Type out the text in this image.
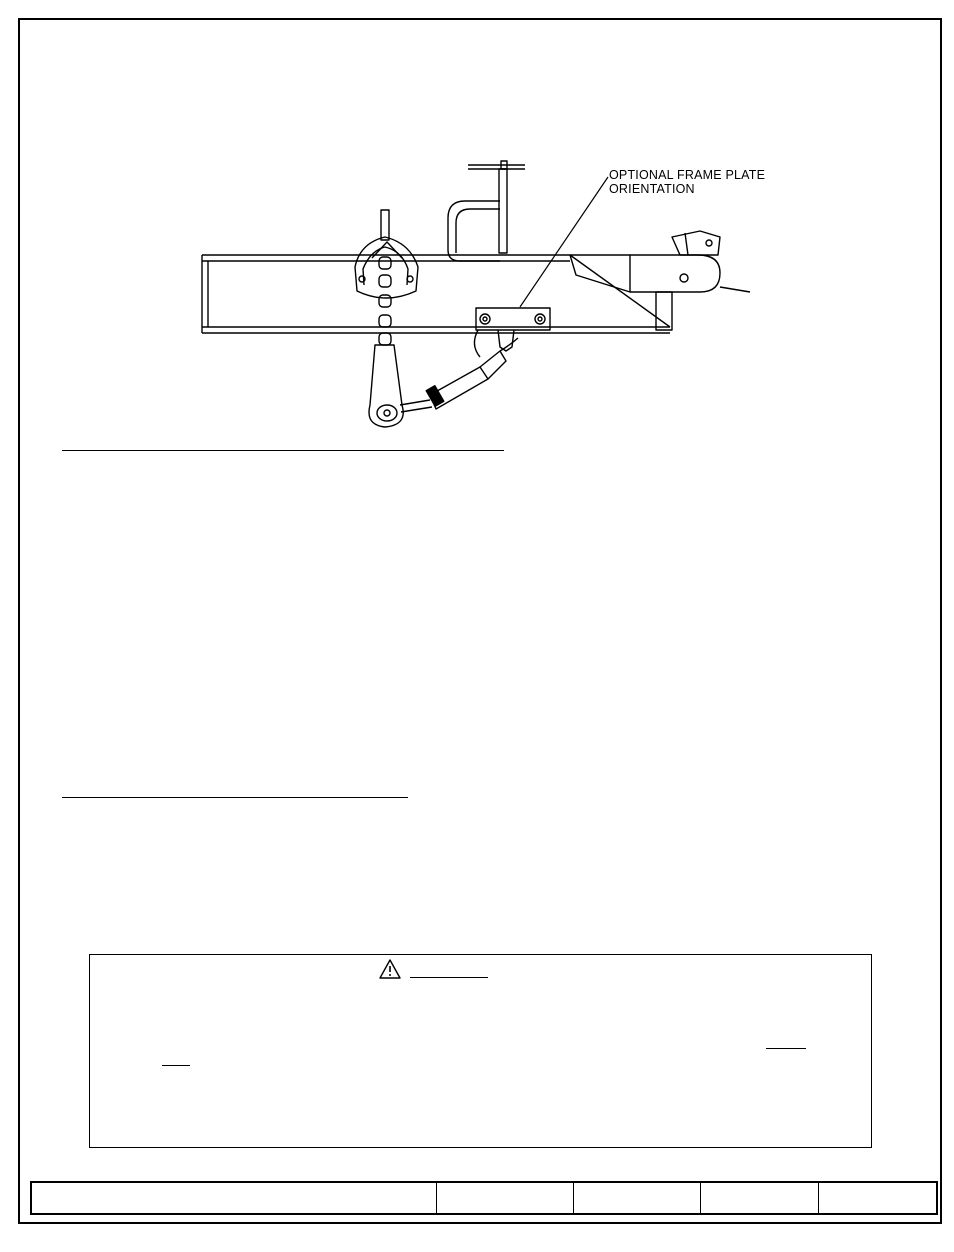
OPTIONAL FRAME PLATE
ORIENTATION
